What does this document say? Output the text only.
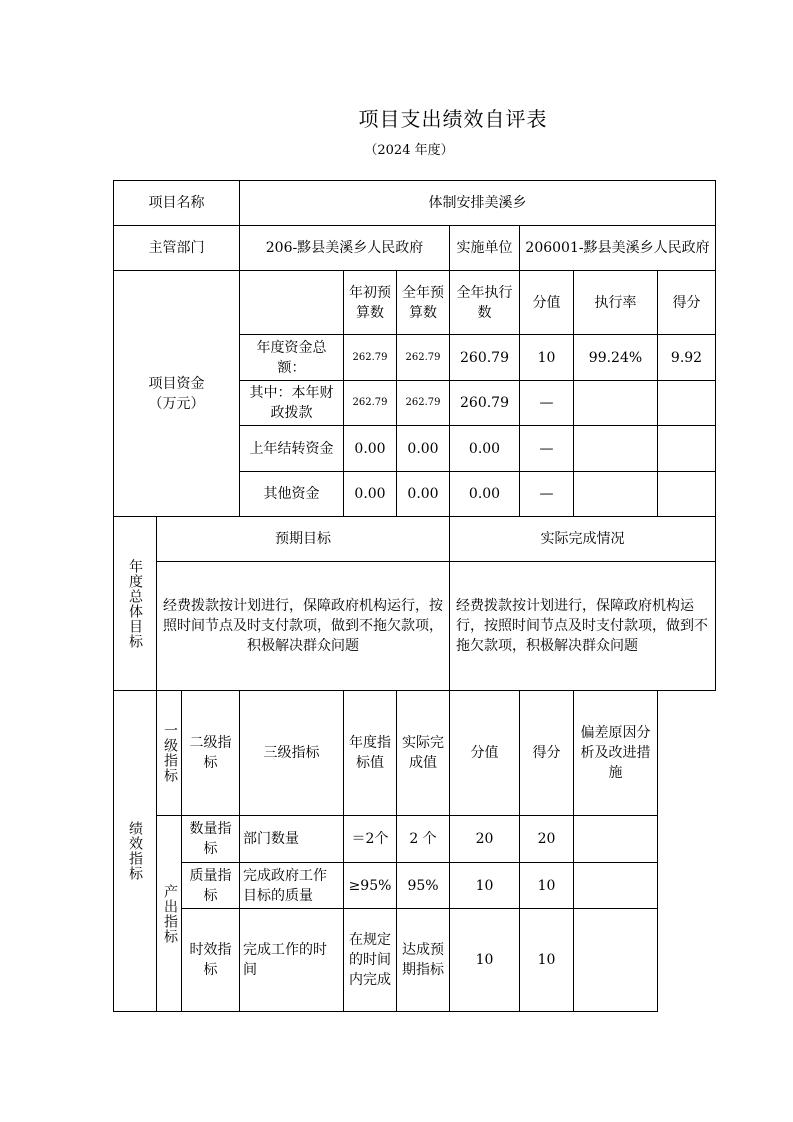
项目支出绩效自评表
（2024 年度）
项目名称			体制安排美溪乡						
主管部门			206-黟县美溪乡人民政府			实施单位	206001-黟县美溪乡人民政府		

项目资金（万元）				年初预算数	全年预算数	全年执行数	分值	执行率	得分
			年度资金总额：	262.79	262.79	260.79	10	99.24%	9.92
			其中：本年财政拨款	262.79	262.79	260.79	—		
			上年结转资金	0.00	0.00	0.00	—		
			其他资金	0.00	0.00	0.00	—		

年度总体目标	预期目标					实际完成情况			
	经费拨款按计划进行，保障政府机构运行，按照时间节点及时支付款项，做到不拖欠款项，积极解决群众问题					经费拨款按计划进行，保障政府机构运行，按照时间节点及时支付款项，做到不拖欠款项，积极解决群众问题			

绩效指标	一级指标	二级指标	三级指标	年度指标值	实际完成值	分值	得分	偏差原因分析及改进措施	

	产出指标	数量指标	部门数量	＝2个	2 个	20	20		
		质量指标	完成政府工作目标的质量	≥95%	95%	10	10		
		时效指标	完成工作的时间	在规定的时间内完成	达成预期指标	10	10		
